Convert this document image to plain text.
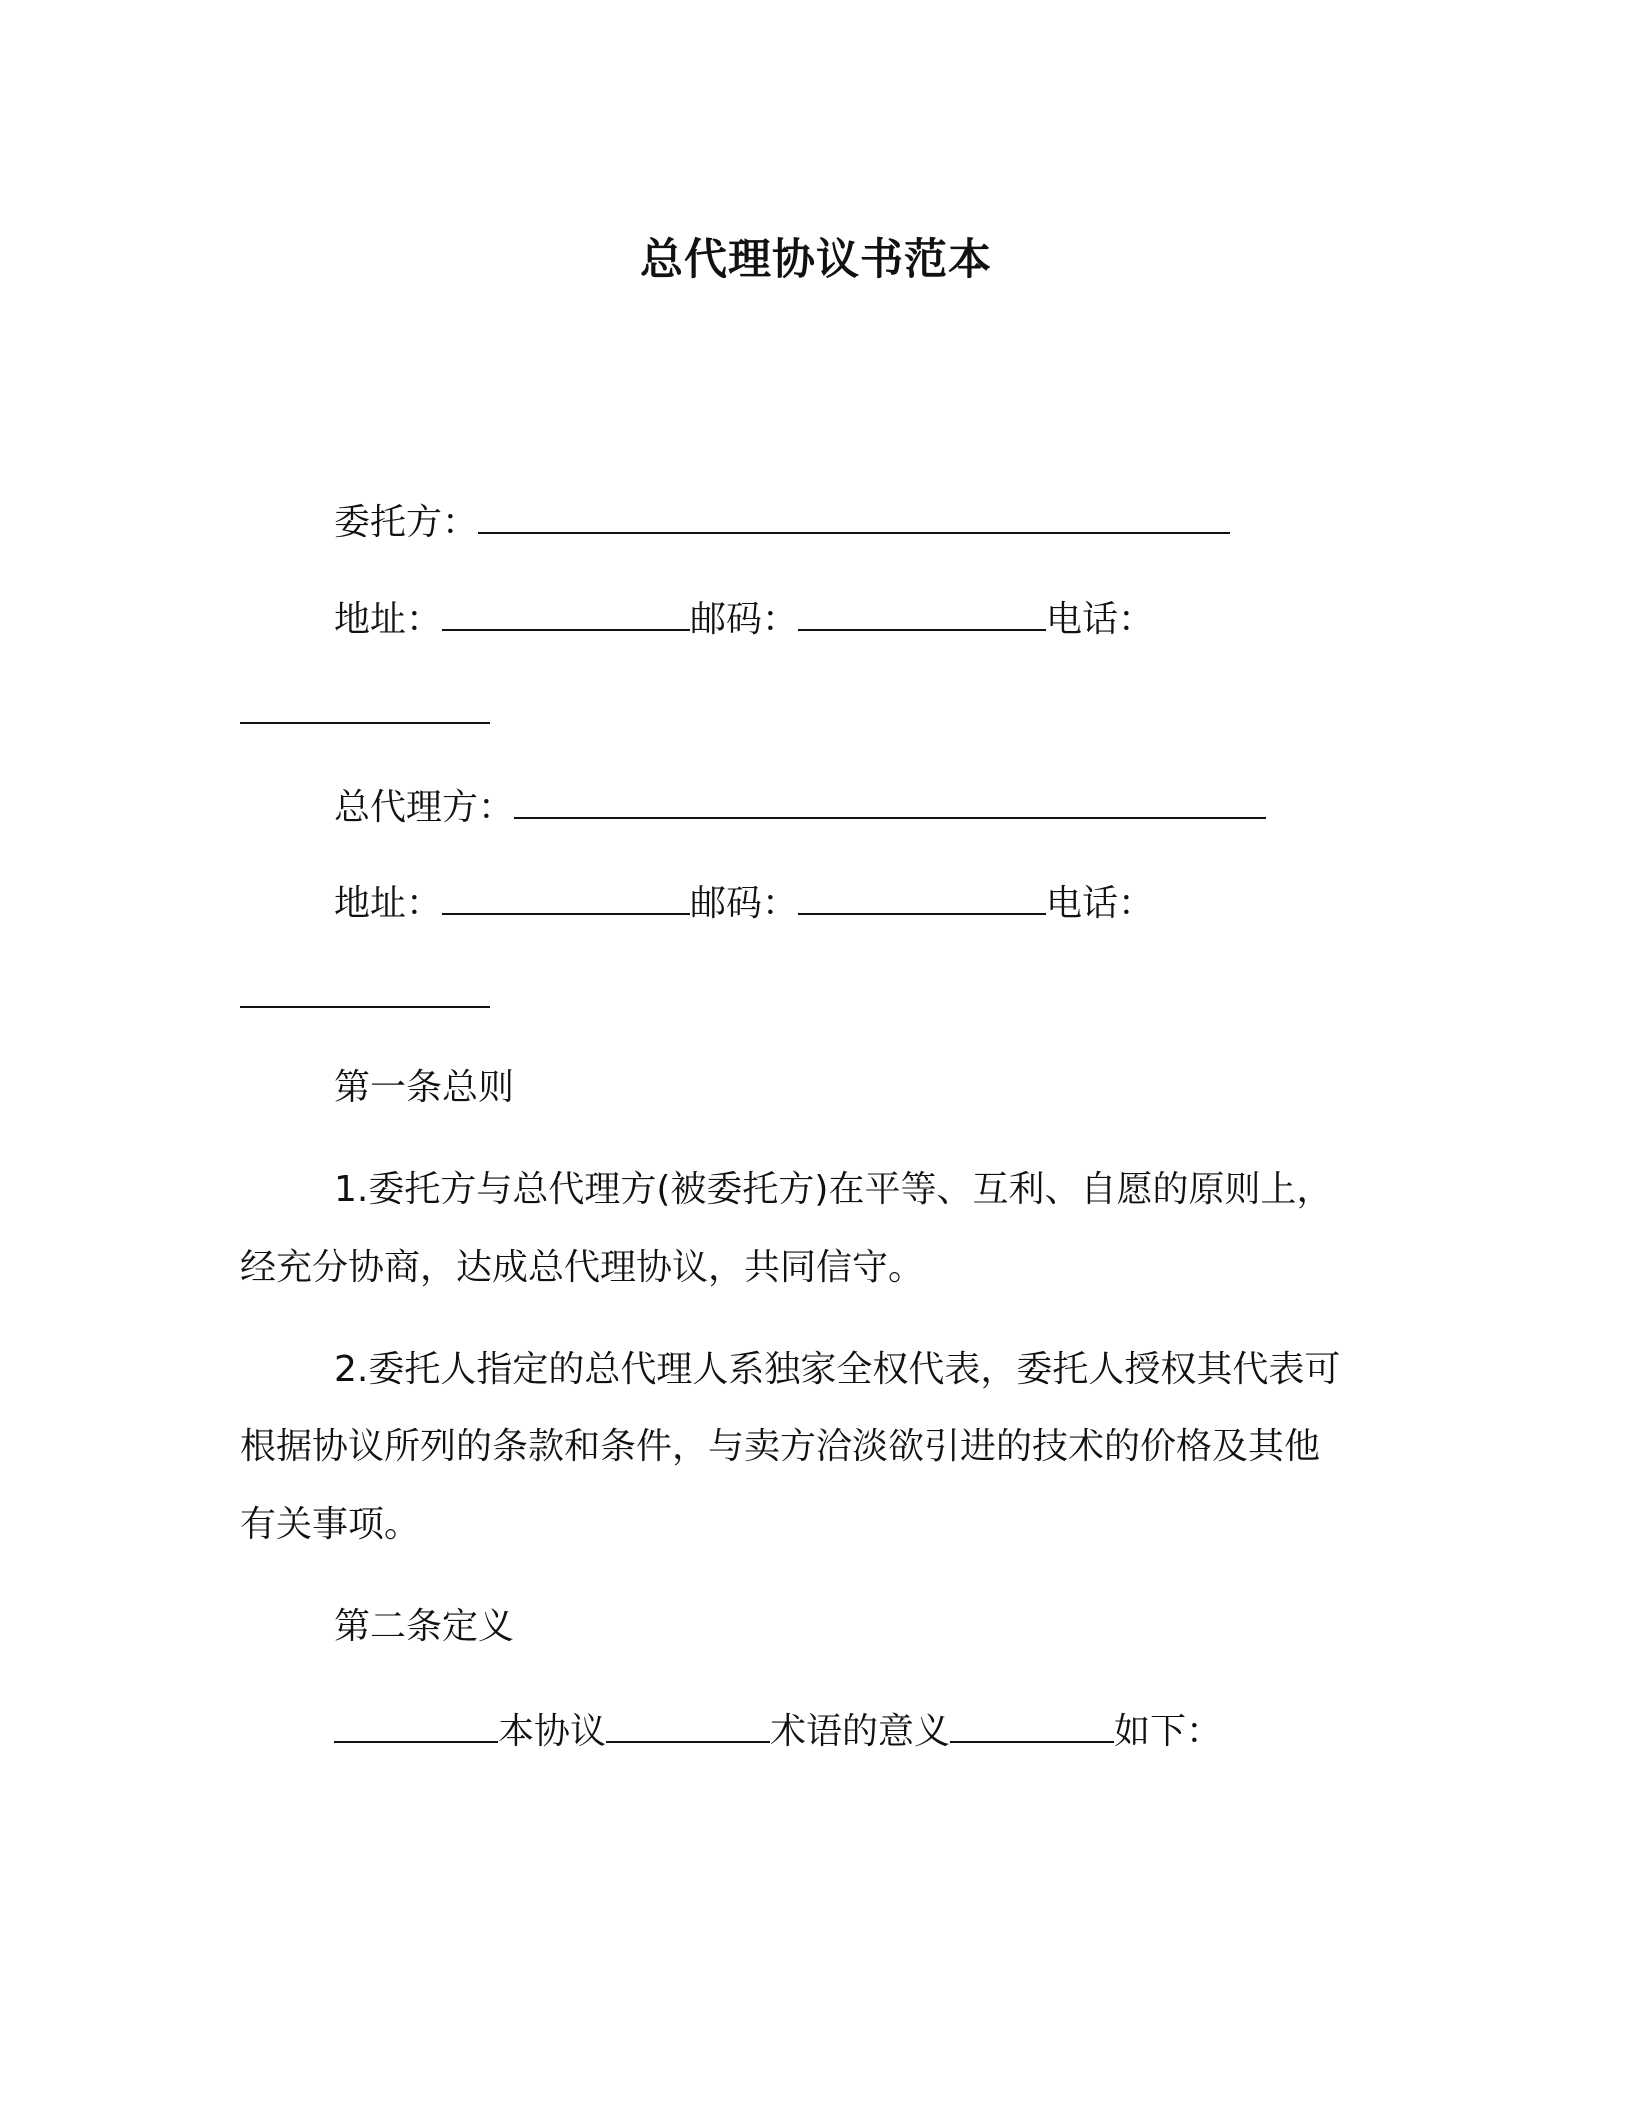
总代理协议书范本

委托方：

地址：	邮码：	电话：

总代理方：

地址：	邮码：	电话：

第一条总则

1.委托方与总代理方(被委托方)在平等、互利、自愿的原则上，

经充分协商，达成总代理协议，共同信守。

2.委托人指定的总代理人系独家全权代表，委托人授权其代表可

根据协议所列的条款和条件，与卖方洽淡欲引进的技术的价格及其他

有关事项。

第二条定义

本协议	术语的意义	如下：
